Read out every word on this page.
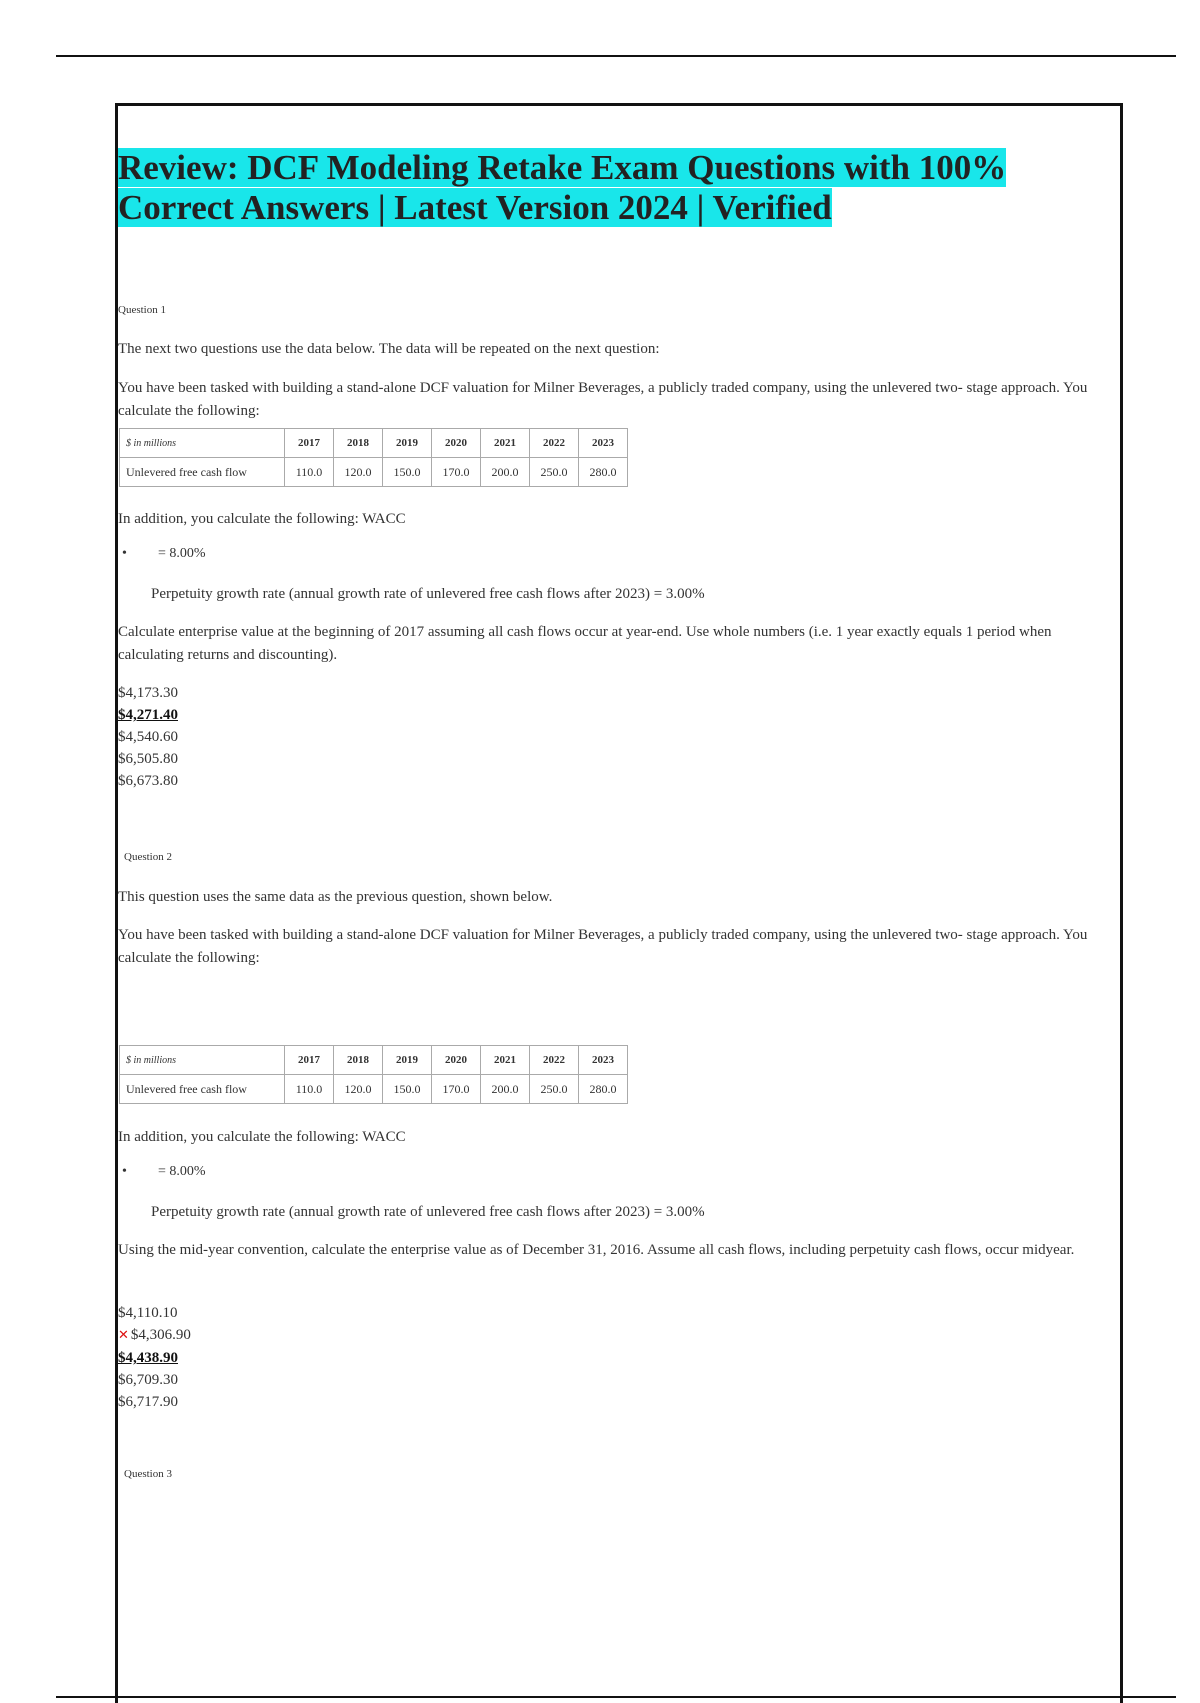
Review: DCF Modeling Retake Exam Questions with 100%
Correct Answers | Latest Version 2024 | Verified
Question 1
The next two questions use the data below. The data will be repeated on the next question:
You have been tasked with building a stand-alone DCF valuation for Milner Beverages, a publicly traded company, using the unlevered two- stage approach. You calculate the following:
$ in millions	2017	2018	2019	2020	2021	2022	2023
Unlevered free cash flow	110.0	120.0	150.0	170.0	200.0	250.0	280.0
In addition, you calculate the following: WACC
•	= 8.00%
Perpetuity growth rate (annual growth rate of unlevered free cash flows after 2023) = 3.00%
Calculate enterprise value at the beginning of 2017 assuming all cash flows occur at year-end. Use whole numbers (i.e. 1 year exactly equals 1 period when calculating returns and discounting).

$4,173.30

$4,271.40

$4,540.60

$6,505.80

$6,673.80

Question 2
This question uses the same data as the previous question, shown below.
You have been tasked with building a stand-alone DCF valuation for Milner Beverages, a publicly traded company, using the unlevered two- stage approach. You calculate the following:
$ in millions	2017	2018	2019	2020	2021	2022	2023
Unlevered free cash flow	110.0	120.0	150.0	170.0	200.0	250.0	280.0
In addition, you calculate the following: WACC
•	= 8.00%
Perpetuity growth rate (annual growth rate of unlevered free cash flows after 2023) = 3.00%
Using the mid-year convention, calculate the enterprise value as of December 31, 2016. Assume all cash flows, including perpetuity cash flows, occur midyear.

$4,110.10

✕ $4,306.90

$4,438.90

$6,709.30

$6,717.90

Question 3
